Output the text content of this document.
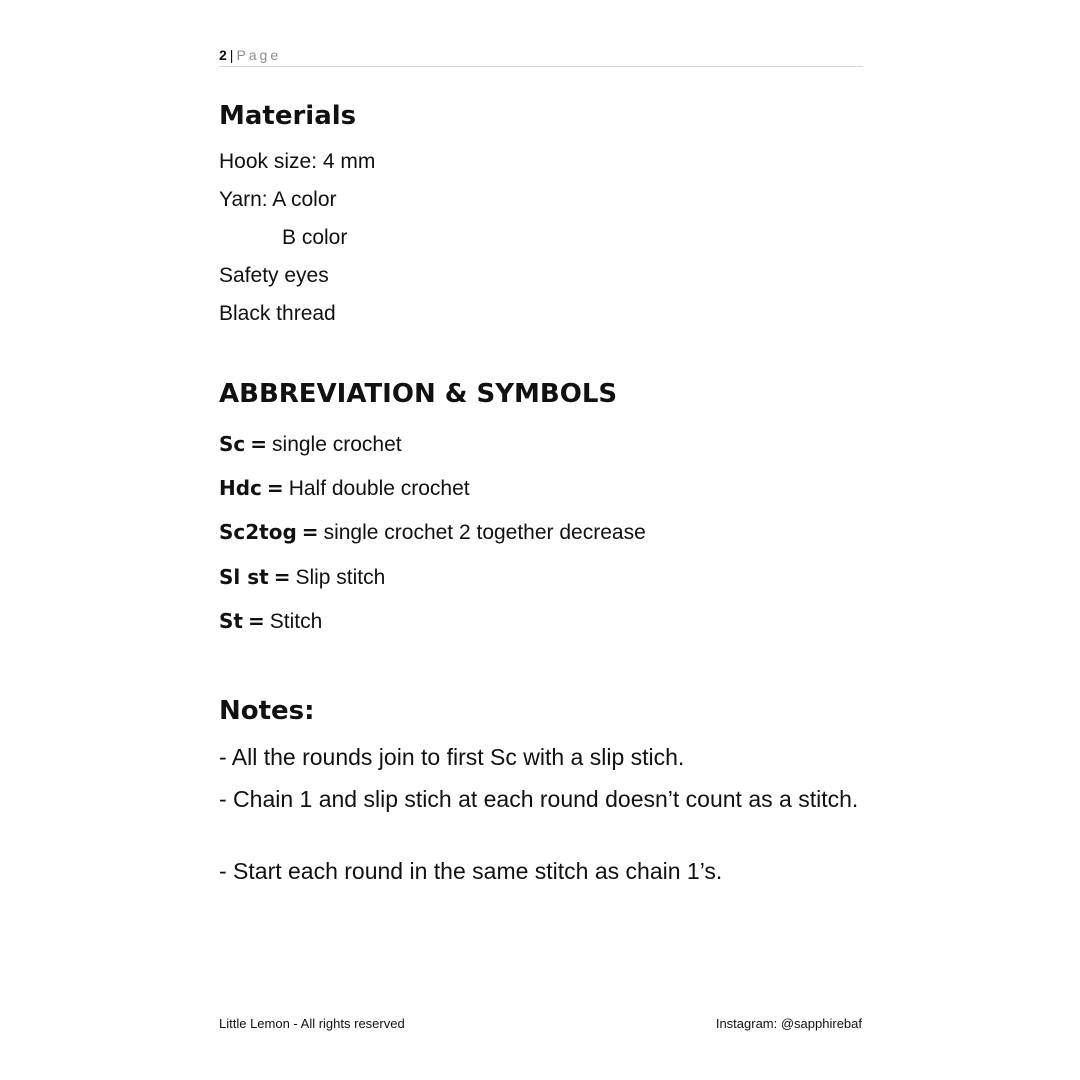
2 | Page
Materials
Hook size: 4 mm
Yarn: A color
B color
Safety eyes
Black thread
ABBREVIATION & SYMBOLS
Sc = single crochet
Hdc = Half double crochet
Sc2tog = single crochet 2 together decrease
Sl st = Slip stitch
St = Stitch
Notes:
- All the rounds join to first Sc with a slip stich.
- Chain 1 and slip stich at each round doesn’t count as a stitch.
- Start each round in the same stitch as chain 1’s.
Little Lemon - All rights reserved	Instagram: @sapphirebaf
